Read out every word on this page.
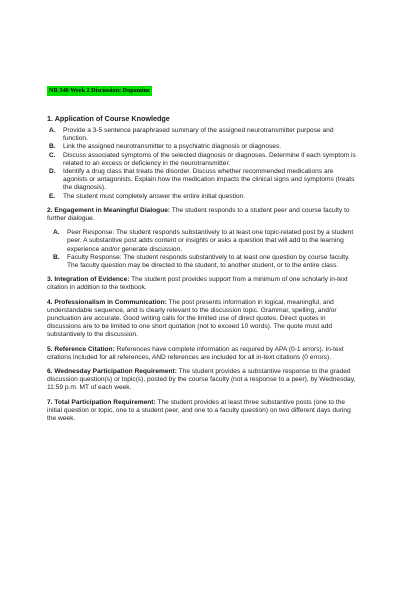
NR 546 Week 2 Discussion: Dopamine
1. Application of Course Knowledge
A. Provide a 3-5 sentence paraphrased summary of the assigned neurotransmitter purpose and function.
B. Link the assigned neurotransmitter to a psychiatric diagnosis or diagnoses.
C. Discuss associated symptoms of the selected diagnosis or diagnoses. Determine if each symptom is related to an excess or deficiency in the neurotransmitter.
D. Identify a drug class that treats the disorder. Discuss whether recommended medications are agonists or antagonists. Explain how the medication impacts the clinical signs and symptoms (treats the diagnosis).
E. The student must completely answer the entire initial question.

2. Engagement in Meaningful Dialogue: The student responds to a student peer and course faculty to further dialogue.

A. Peer Response: The student responds substantively to at least one topic-related post by a student peer. A substantive post adds content or insights or asks a question that will add to the learning experience and/or generate discussion.
B. Faculty Response: The student responds substantively to at least one question by course faculty. The faculty question may be directed to the student, to another student, or to the entire class.

3. Integration of Evidence: The student post provides support from a minimum of one scholarly in-text citation in addition to the textbook.

4. Professionalism in Communication: The post presents information in logical, meaningful, and understandable sequence, and is clearly relevant to the discussion topic. Grammar, spelling, and/or punctuation are accurate. Good writing calls for the limited use of direct quotes. Direct quotes in discussions are to be limited to one short quotation (not to exceed 10 words). The quote must add substantively to the discussion.

5. Reference Citation: References have complete information as required by APA (0-1 errors). In-text citations included for all references, AND references are included for all in-text citations (0 errors).

6. Wednesday Participation Requirement: The student provides a substantive response to the graded discussion question(s) or topic(s), posted by the course faculty (not a response to a peer), by Wednesday, 11:59 p.m. MT of each week.

7. Total Participation Requirement: The student provides at least three substantive posts (one to the initial question or topic, one to a student peer, and one to a faculty question) on two different days during the week.
